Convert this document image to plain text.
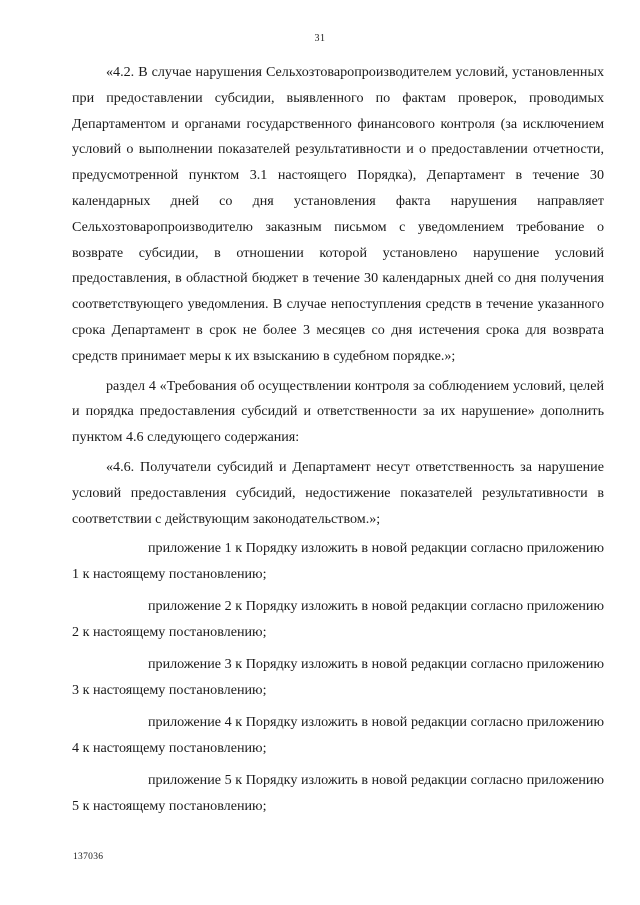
31

«4.2. В случае нарушения Сельхозтоваропроизводителем условий, установленных при предоставлении субсидии, выявленного по фактам проверок, проводимых Департаментом и органами государственного финансового контроля (за исключением условий о выполнении показателей результативности и о предоставлении отчетности, предусмотренной пунктом 3.1 настоящего Порядка), Департамент в течение 30 календарных дней со дня установления факта нарушения направляет Сельхозтоваропроизводителю заказным письмом с уведомлением требование о возврате субсидии, в отношении которой установлено нарушение условий предоставления, в областной бюджет в течение 30 календарных дней со дня получения соответствующего уведомления. В случае непоступления средств в течение указанного срока Департамент в срок не более 3 месяцев со дня истечения срока для возврата средств принимает меры к их взысканию в судебном порядке.»;

раздел 4 «Требования об осуществлении контроля за соблюдением условий, целей и порядка предоставления субсидий и ответственности за их нарушение» дополнить пунктом 4.6 следующего содержания:

«4.6. Получатели субсидий и Департамент несут ответственность за нарушение условий предоставления субсидий, недостижение показателей результативности в соответствии с действующим законодательством.»;

приложение 1 к Порядку изложить в новой редакции согласно приложению 1 к настоящему постановлению;

приложение 2 к Порядку изложить в новой редакции согласно приложению 2 к настоящему постановлению;

приложение 3 к Порядку изложить в новой редакции согласно приложению 3 к настоящему постановлению;

приложение 4 к Порядку изложить в новой редакции согласно приложению 4 к настоящему постановлению;

приложение 5 к Порядку изложить в новой редакции согласно приложению 5 к настоящему постановлению;

137036
